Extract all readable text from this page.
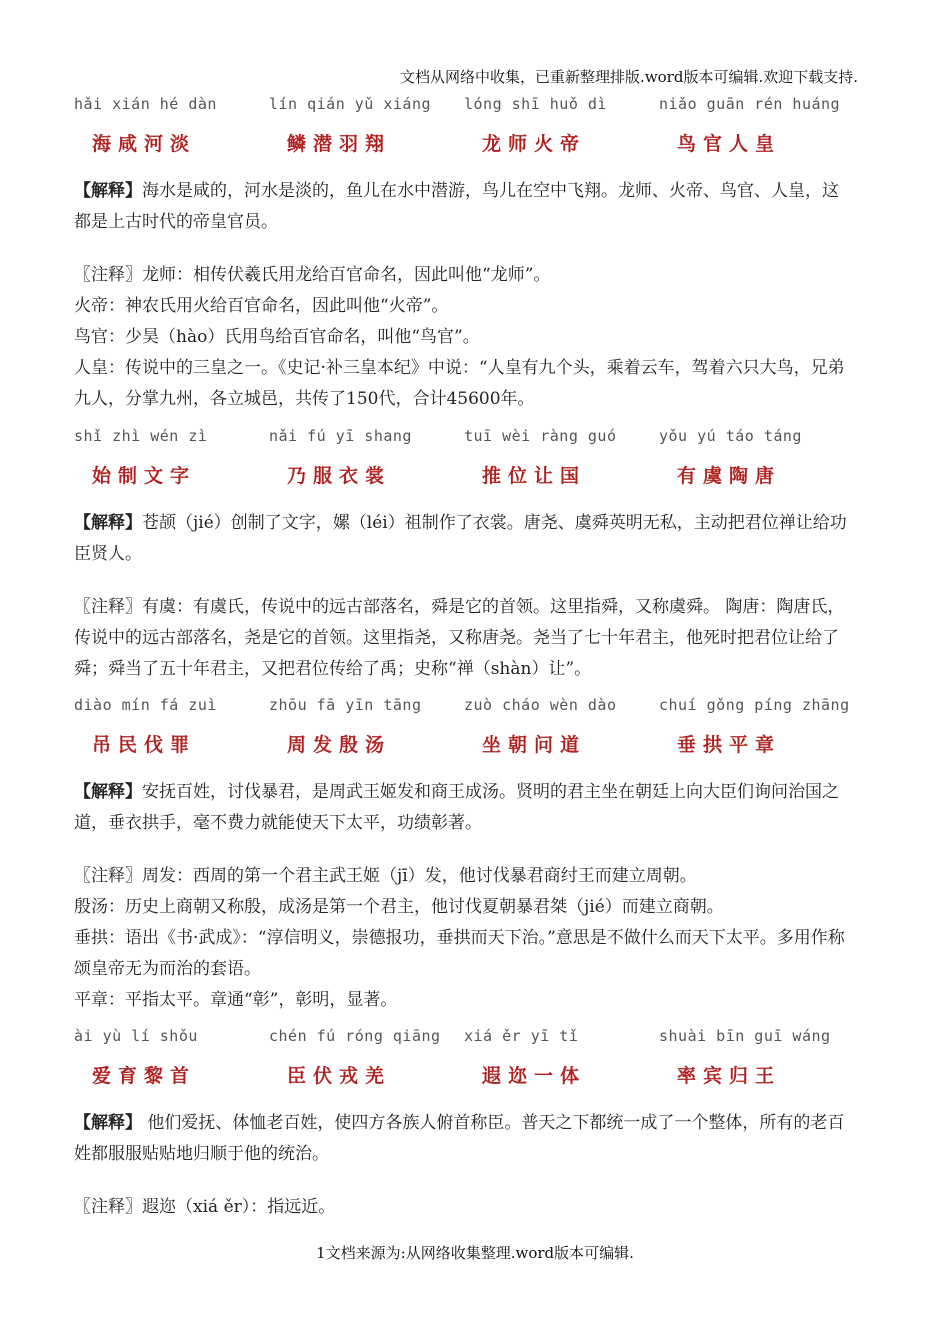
文档从网络中收集，已重新整理排版.word版本可编辑.欢迎下载支持.
hǎi xián hé dàn	lín qián yǔ xiáng	lóng shī huǒ dì	niǎo guān rén huáng
海咸河淡	鳞潜羽翔	龙师火帝	鸟官人皇
【解释】海水是咸的，河水是淡的，鱼儿在水中潜游，鸟儿在空中飞翔。龙师、火帝、鸟官、人皇，这都是上古时代的帝皇官员。

〖注释〗龙师：相传伏羲氏用龙给百官命名，因此叫他“龙师”。

火帝：神农氏用火给百官命名，因此叫他“火帝”。

鸟官：少昊（hào）氏用鸟给百官命名，叫他“鸟官”。

人皇：传说中的三皇之一。《史记·补三皇本纪》中说：“人皇有九个头，乘着云车，驾着六只大鸟，兄弟九人，分掌九州，各立城邑，共传了150代，合计45600年。

shǐ zhì wén zì	nǎi fú yī shang	tuī wèi ràng guó	yǒu yú táo táng
始制文字	乃服衣裳	推位让国	有虞陶唐
【解释】苍颉（jié）创制了文字，嫘（léi）祖制作了衣裳。唐尧、虞舜英明无私，主动把君位禅让给功臣贤人。

〖注释〗有虞：有虞氏，传说中的远古部落名，舜是它的首领。这里指舜，又称虞舜。 陶唐：陶唐氏，传说中的远古部落名，尧是它的首领。这里指尧，又称唐尧。尧当了七十年君主，他死时把君位让给了舜；舜当了五十年君主，又把君位传给了禹；史称“禅（shàn）让”。

diào mín fá zuì	zhōu fā yīn tāng	zuò cháo wèn dào	chuí gǒng píng zhāng
吊民伐罪	周发殷汤	坐朝问道	垂拱平章
【解释】安抚百姓，讨伐暴君，是周武王姬发和商王成汤。贤明的君主坐在朝廷上向大臣们询问治国之道，垂衣拱手，毫不费力就能使天下太平，功绩彰著。

〖注释〗周发：西周的第一个君主武王姬（jī）发，他讨伐暴君商纣王而建立周朝。

殷汤：历史上商朝又称殷，成汤是第一个君主，他讨伐夏朝暴君桀（jié）而建立商朝。

垂拱：语出《书·武成》：“淳信明义，崇德报功，垂拱而天下治。”意思是不做什么而天下太平。多用作称颂皇帝无为而治的套语。

平章：平指太平。章通“彰”，彰明，显著。

ài yù lí shǒu	chén fú róng qiāng	xiá ěr yī tǐ	shuài bīn guī wáng
爱育黎首	臣伏戎羌	遐迩一体	率宾归王
【解释】 他们爱抚、体恤老百姓，使四方各族人俯首称臣。普天之下都统一成了一个整体，所有的老百姓都服服贴贴地归顺于他的统治。

〖注释〗遐迩（xiá ěr）：指远近。

1文档来源为:从网络收集整理.word版本可编辑.
